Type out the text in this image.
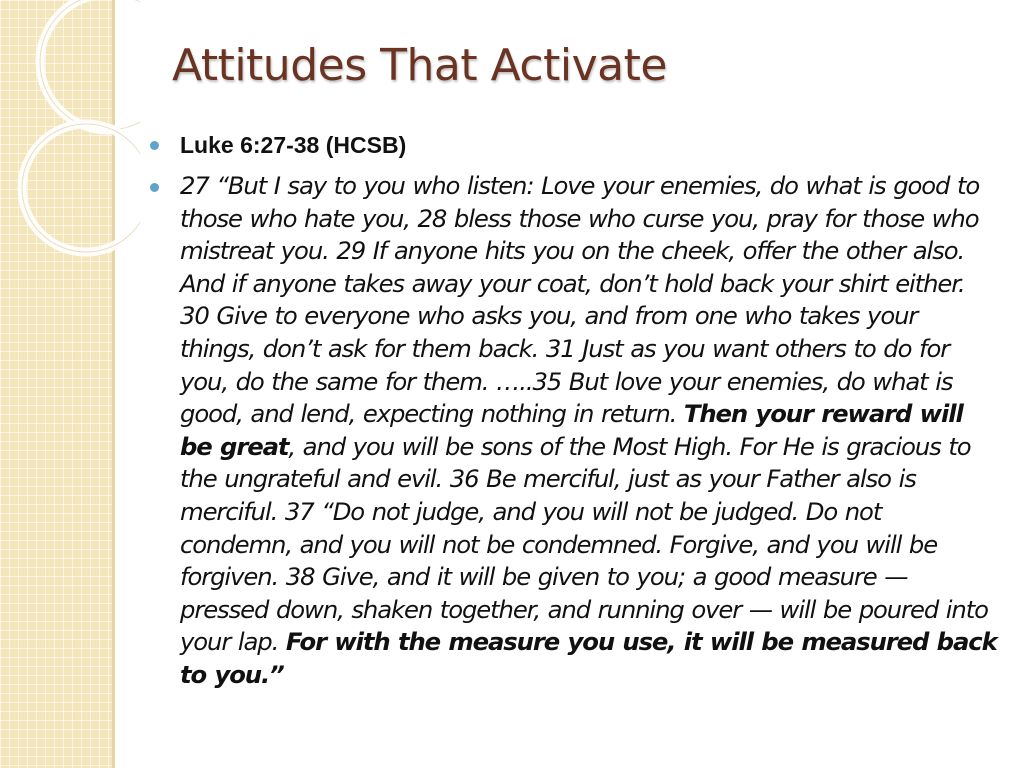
Attitudes That Activate
Luke 6:27-38 (HCSB)
27 “But I say to you who listen: Love your enemies, do what is good to those who hate you, 28 bless those who curse you, pray for those who mistreat you. 29 If anyone hits you on the cheek, offer the other also. And if anyone takes away your coat, don’t hold back your shirt either. 30 Give to everyone who asks you, and from one who takes your things, don’t ask for them back. 31 Just as you want others to do for you, do the same for them. …..35 But love your enemies, do what is good, and lend, expecting nothing in return. Then your reward will be great, and you will be sons of the Most High. For He is gracious to the ungrateful and evil. 36 Be merciful, just as your Father also is merciful. 37 “Do not judge, and you will not be judged. Do not condemn, and you will not be condemned. Forgive, and you will be forgiven. 38 Give, and it will be given to you; a good measure — pressed down, shaken together, and running over — will be poured into your lap. For with the measure you use, it will be measured back to you.”
